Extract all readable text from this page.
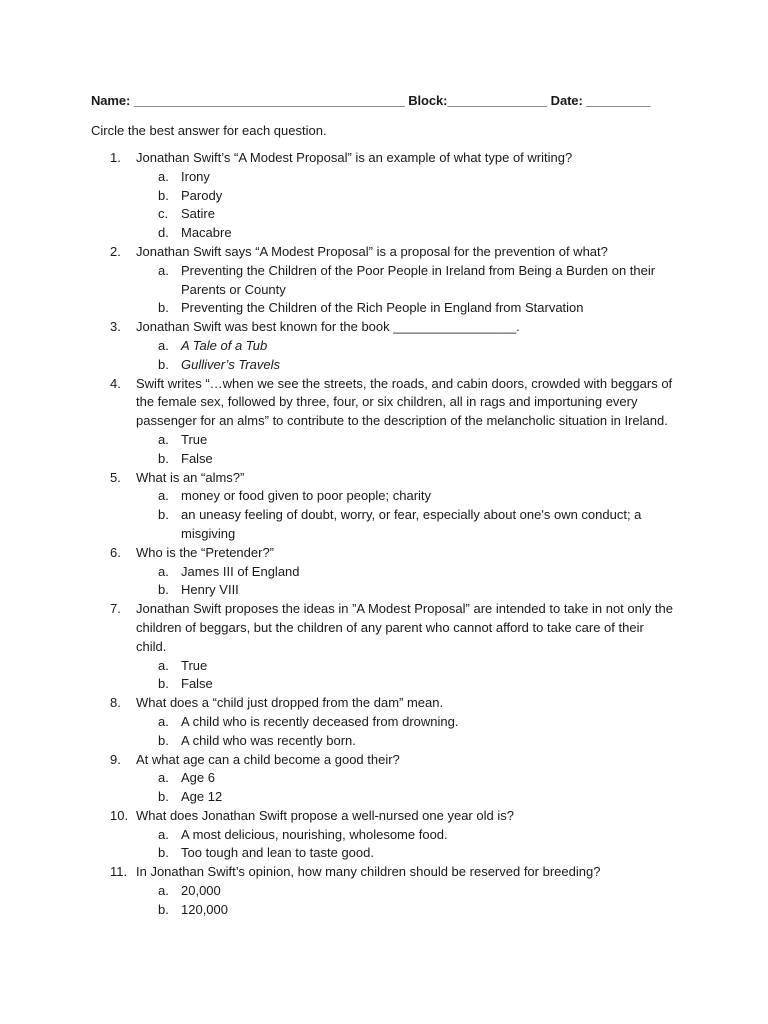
Name: ______________________________________ Block:______________ Date: _________
Circle the best answer for each question.
1.	Jonathan Swift’s “A Modest Proposal” is an example of what type of writing?
a. Irony
b. Parody
c. Satire
d. Macabre
2.	Jonathan Swift says “A Modest Proposal” is a proposal for the prevention of what?
a. Preventing the Children of the Poor People in Ireland from Being a Burden on their Parents or County
b. Preventing the Children of the Rich People in England from Starvation
3.	Jonathan Swift was best known for the book _________________.
a. A Tale of a Tub
b. Gulliver’s Travels
4.	Swift writes “…when we see the streets, the roads, and cabin doors, crowded with beggars of the female sex, followed by three, four, or six children, all in rags and importuning every passenger for an alms” to contribute to the description of the melancholic situation in Ireland.
a. True
b. False
5.	What is an “alms?”
a. money or food given to poor people; charity
b. an uneasy feeling of doubt, worry, or fear, especially about one's own conduct; a misgiving
6.	Who is the “Pretender?”
a. James III of England
b. Henry VIII
7.	Jonathan Swift proposes the ideas in ”A Modest Proposal” are intended to take in not only the children of beggars, but the children of any parent who cannot afford to take care of their child.
a. True
b. False
8.	What does a “child just dropped from the dam” mean.
a. A child who is recently deceased from drowning.
b. A child who was recently born.
9.	At what age can a child become a good their?
a. Age 6
b. Age 12
10. What does Jonathan Swift propose a well-nursed one year old is?
a. A most delicious, nourishing, wholesome food.
b. Too tough and lean to taste good.
11. In Jonathan Swift’s opinion, how many children should be reserved for breeding?
a. 20,000
b. 120,000
